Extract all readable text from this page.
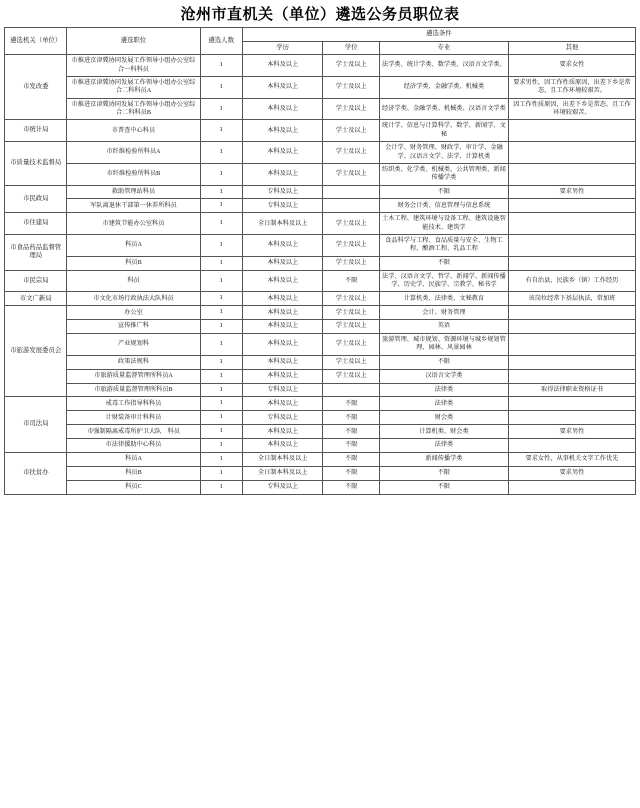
沧州市直机关（单位）遴选公务员职位表
遴选机关（单位）	遴选职位	遴选人数	遴选条件			
			学历	学位	专业	其他
市发改委	市推进京津冀协同发展工作领导小组办公室综合一科科员	1	本科及以上	学士及以上	法学类、统计学类、数学类、汉语言文学类、	要求女性
	市推进京津冀协同发展工作领导小组办公室综合二科科员A	1	本科及以上	学士及以上	经济学类、金融学类、机械类	要求男性，因工作性质原因，出差下乡是常态，且工作环境较艰苦。
	市推进京津冀协同发展工作领导小组办公室综合二科科员B	1	本科及以上	学士及以上	经济学类、金融学类、机械类、汉语言文学类	因工作性质原因，出差下乡是常态，且工作环境较艰苦。
市统计局	市普查中心科员	1	本科及以上	学士及以上	统计学、信息与计算科学、数学、新闻学、文秘	
市质量技术监督局	市纤维检验所科员A	1	本科及以上	学士及以上	会计学、财务管理、财政学、审计学、金融学、汉语言文学、法学、计算机类	
	市纤维检验所科员B	1	本科及以上	学士及以上	纺织类、化学类、机械类、公共管理类、新闻传播学类	
市民政局	救助管理站科员	1	专科及以上		不限	要求男性
	军队离退休干部第一休养所科员	1	专科及以上		财务会计类、信息管理与信息系统	
市住建局	市建筑节能办公室科员	1	全日制本科及以上	学士及以上	土木工程、建筑环境与设备工程、建筑设施智能技术、建筑学	
市食品药品监督管理局	科员A	1	本科及以上	学士及以上	食品科学与工程、食品质量与安全、生物工程、酿酒工程、乳品工程	
	科员B	1	本科及以上	学士及以上	不限	
市民宗局	科员	1	本科及以上	不限	法学、汉语言文学、哲学、新闻学、新闻传播学、历史学、民族学、宗教学、秘书学	有自治县、民族乡（镇）工作经历
市文广新局	市文化市场行政执法大队科员	1	本科及以上	学士及以上	计算机类、法律类、文秘教育	该岗位经常下基层执法，常加班
市旅游发展委员会	办公室	1	本科及以上	学士及以上	会计、财务管理	
	宣传推广科	1	本科及以上	学士及以上	英语	
	产业规划科	1	本科及以上	学士及以上	旅游管理、城市规划、资源环境与城乡规划管理、园林、风景园林	
	政策法规科	1	本科及以上	学士及以上	不限	
	市旅游质量监督管理所科员A	1	本科及以上	学士及以上	汉语言文学类	
	市旅游质量监督管理所科员B	1	专科及以上		法律类	取得法律职业资格证书
市司法局	戒毒工作指导科科员	1	本科及以上	不限	法律类	
	计财装备审计科科员	1	专科及以上	不限	财会类	
	市强制隔离戒毒所护卫大队　科员	1	本科及以上	不限	计算机类、财会类	要求男性
	市法律援助中心科员	1	本科及以上	不限	法律类	
市扶贫办	科员A	1	全日制本科及以上	不限	新闻传播学类	要求女性，从事机关文字工作优先
	科员B	1	全日制本科及以上	不限	不限	要求男性
	科员C	1	专科及以上	不限	不限	
